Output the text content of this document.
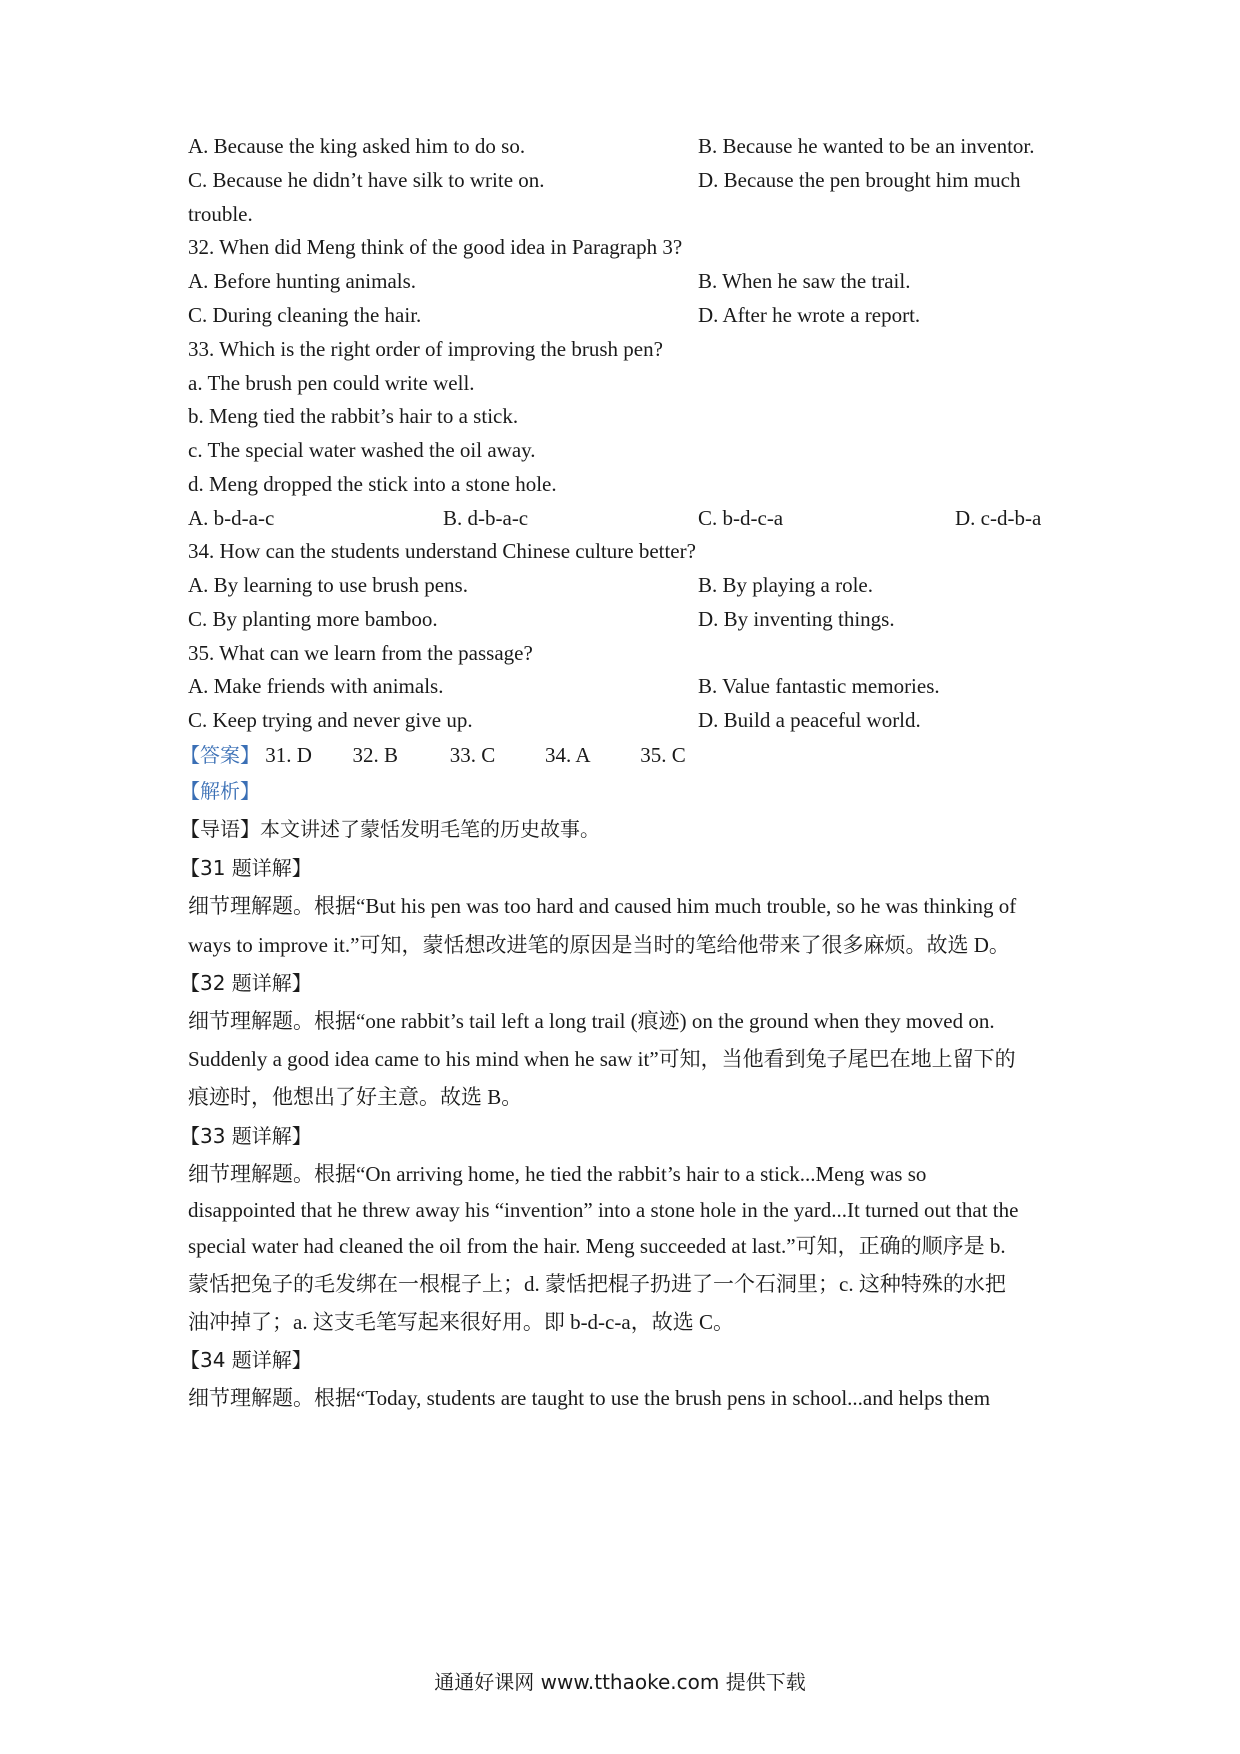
A. Because the king asked him to do so.	B. Because he wanted to be an inventor.
C. Because he didn’t have silk to write on.	D. Because the pen brought him much
trouble.
32. When did Meng think of the good idea in Paragraph 3?
A. Before hunting animals.	B. When he saw the trail.
C. During cleaning the hair.	D. After he wrote a report.
33. Which is the right order of improving the brush pen?
a. The brush pen could write well.
b. Meng tied the rabbit’s hair to a stick.
c. The special water washed the oil away.
d. Meng dropped the stick into a stone hole.
A. b-d-a-c	B. d-b-a-c	C. b-d-c-a	D. c-d-b-a
34. How can the students understand Chinese culture better?
A. By learning to use brush pens.	B. By playing a role.
C. By planting more bamboo.	D. By inventing things.
35. What can we learn from the passage?
A. Make friends with animals.	B. Value fantastic memories.
C. Keep trying and never give up.	D. Build a peaceful world.
【答案】 31. D 32. B 33. C 34. A 35. C
【解析】
【导语】本文讲述了蒙恬发明毛笔的历史故事。
【31 题详解】
细节理解题。根据“But his pen was too hard and caused him much trouble, so he was thinking of
ways to improve it.”可知，蒙恬想改进笔的原因是当时的笔给他带来了很多麻烦。故选 D。
【32 题详解】
细节理解题。根据“one rabbit’s tail left a long trail (痕迹) on the ground when they moved on.
Suddenly a good idea came to his mind when he saw it”可知，当他看到兔子尾巴在地上留下的
痕迹时，他想出了好主意。故选 B。
【33 题详解】
细节理解题。根据“On arriving home, he tied the rabbit’s hair to a stick...Meng was so
disappointed that he threw away his “invention” into a stone hole in the yard...It turned out that the
special water had cleaned the oil from the hair. Meng succeeded at last.”可知，正确的顺序是 b.
蒙恬把兔子的毛发绑在一根棍子上；d. 蒙恬把棍子扔进了一个石洞里；c. 这种特殊的水把
油冲掉了；a. 这支毛笔写起来很好用。即 b-d-c-a，故选 C。
【34 题详解】
细节理解题。根据“Today, students are taught to use the brush pens in school...and helps them
通通好课网 www.tthaoke.com 提供下载
